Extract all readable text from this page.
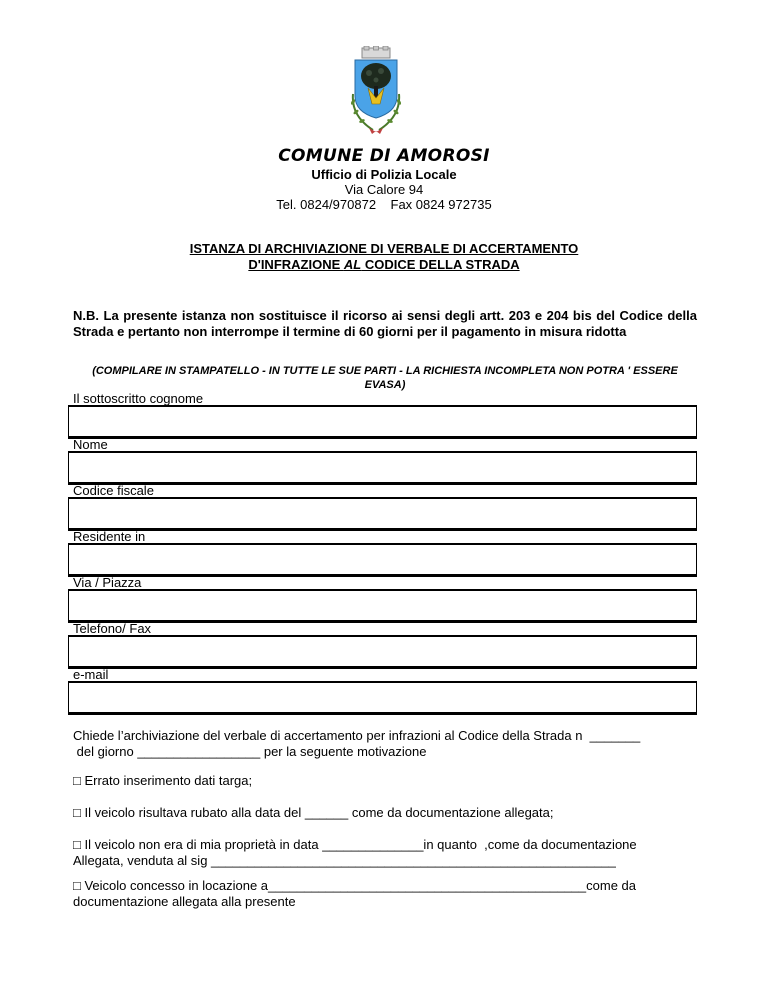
COMUNE DI AMOROSI
Ufficio di Polizia Locale
Via Calore 94
Tel. 0824/970872    Fax 0824 972735
ISTANZA DI ARCHIVIAZIONE DI VERBALE DI ACCERTAMENTO
D'INFRAZIONE AL CODICE DELLA STRADA
N.B. La presente istanza non sostituisce il ricorso ai sensi degli artt. 203 e 204 bis del Codice della Strada e pertanto non interrompe il termine di 60 giorni per il pagamento in misura ridotta
(COMPILARE IN STAMPATELLO - IN TUTTE LE SUE PARTI - LA RICHIESTA INCOMPLETA NON POTRA ' ESSERE EVASA)
Il sottoscritto cognome
Nome
Codice fiscale
Residente in
Via / Piazza
Telefono/ Fax
e-mail
Chiede l’archiviazione del verbale di accertamento per infrazioni al Codice della Strada n  _______
del giorno _________________ per la seguente motivazione
□ Errato inserimento dati targa;
□ Il veicolo risultava rubato alla data del ______ come da documentazione allegata;
□ Il veicolo non era di mia proprietà in data ______________in quanto  ,come da documentazione
Allegata, venduta al sig ________________________________________________________
□ Veicolo concesso in locazione a____________________________________________come da
documentazione allegata alla presente
